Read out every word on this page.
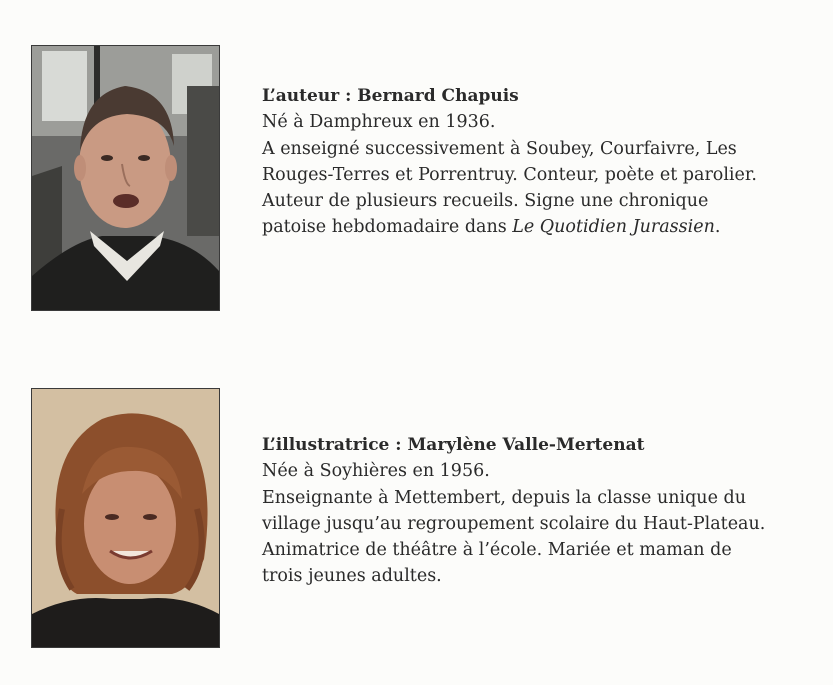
L’auteur : Bernard Chapuis
Né à Damphreux en 1936.
A enseigné successivement à Soubey, Courfaivre, Les
Rouges-Terres et Porrentruy. Conteur, poète et parolier.
Auteur de plusieurs recueils. Signe une chronique
patoise hebdomadaire dans Le Quotidien Jurassien.
L’illustratrice : Marylène Valle-Mertenat
Née à Soyhières en 1956.
Enseignante à Mettembert, depuis la classe unique du
village jusqu’au regroupement scolaire du Haut-Plateau.
Animatrice de théâtre à l’école. Mariée et maman de
trois jeunes adultes.
